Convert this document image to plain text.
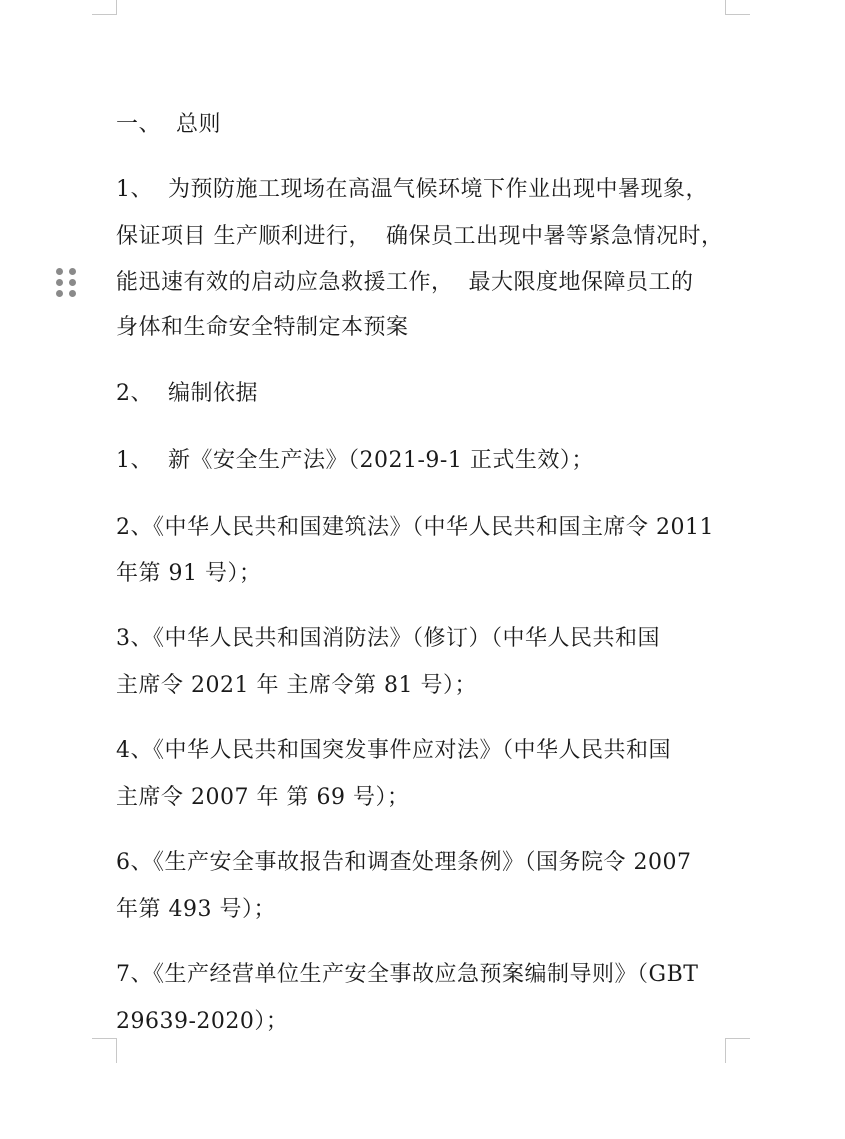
一、  总则
1、  为预防施工现场在高温气候环境下作业出现中暑现象，
保证项目 生产顺利进行，  确保员工出现中暑等紧急情况时，
能迅速有效的启动应急救援工作，  最大限度地保障员工的
身体和生命安全特制定本预案
2、  编制依据
1、  新《安全生产法》（2021-9-1 正式生效）；
2、《中华人民共和国建筑法》（中华人民共和国主席令 2011
年第 91 号）；
3、《中华人民共和国消防法》（修订）（中华人民共和国
主席令 2021 年 主席令第 81 号）；
4、《中华人民共和国突发事件应对法》（中华人民共和国
主席令 2007 年 第 69 号）；
6、《生产安全事故报告和调查处理条例》（国务院令 2007
年第 493 号）；
7、《生产经营单位生产安全事故应急预案编制导则》（GBT
29639-2020）；
